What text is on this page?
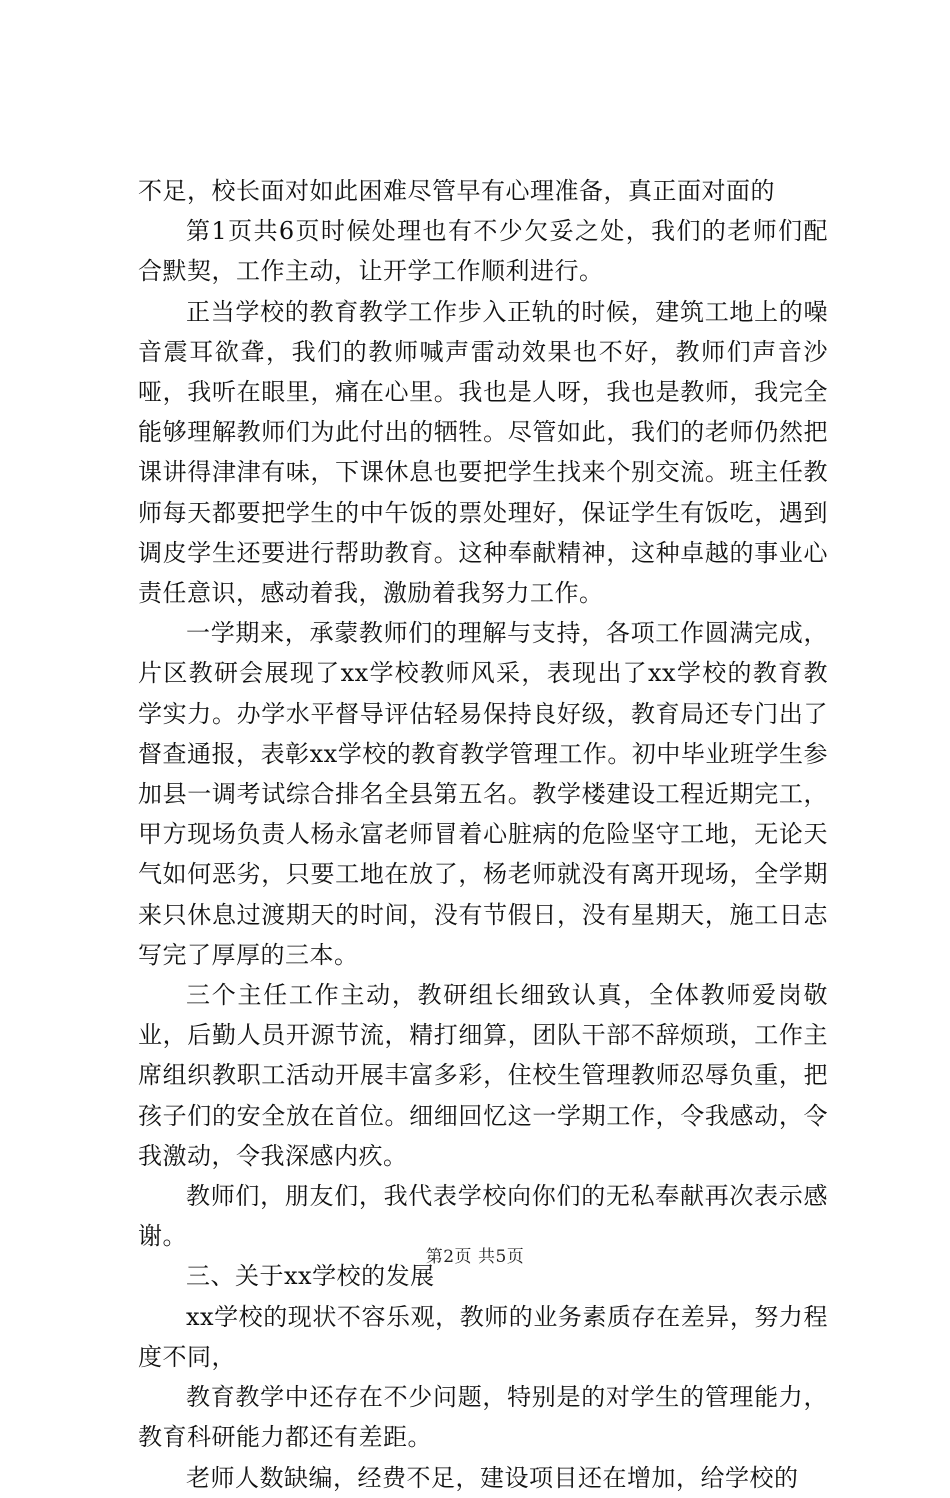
不足，校长面对如此困难尽管早有心理准备，真正面对面的

第1页共6页时候处理也有不少欠妥之处，我们的老师们配合默契，工作主动，让开学工作顺利进行。

正当学校的教育教学工作步入正轨的时候，建筑工地上的噪音震耳欲聋，我们的教师喊声雷动效果也不好，教师们声音沙哑，我听在眼里，痛在心里。我也是人呀，我也是教师，我完全能够理解教师们为此付出的牺牲。尽管如此，我们的老师仍然把课讲得津津有味，下课休息也要把学生找来个别交流。班主任教师每天都要把学生的中午饭的票处理好，保证学生有饭吃，遇到调皮学生还要进行帮助教育。这种奉献精神，这种卓越的事业心责任意识，感动着我，激励着我努力工作。

一学期来，承蒙教师们的理解与支持，各项工作圆满完成，片区教研会展现了xx学校教师风采，表现出了xx学校的教育教学实力。办学水平督导评估轻易保持良好级，教育局还专门出了督查通报，表彰xx学校的教育教学管理工作。初中毕业班学生参加县一调考试综合排名全县第五名。教学楼建设工程近期完工，甲方现场负责人杨永富老师冒着心脏病的危险坚守工地，无论天气如何恶劣，只要工地在放了，杨老师就没有离开现场，全学期来只休息过渡期天的时间，没有节假日，没有星期天，施工日志写完了厚厚的三本。

三个主任工作主动，教研组长细致认真，全体教师爱岗敬业，后勤人员开源节流，精打细算，团队干部不辞烦琐，工作主席组织教职工活动开展丰富多彩，住校生管理教师忍辱负重，把孩子们的安全放在首位。细细回忆这一学期工作，令我感动，令我激动，令我深感内疚。

教师们，朋友们，我代表学校向你们的无私奉献再次表示感谢。

三、关于xx学校的发展

xx学校的现状不容乐观，教师的业务素质存在差异，努力程度不同，

教育教学中还存在不少问题，特别是的对学生的管理能力，教育科研能力都还有差距。

老师人数缺编，经费不足，建设项目还在增加，给学校的

第2页 共5页
